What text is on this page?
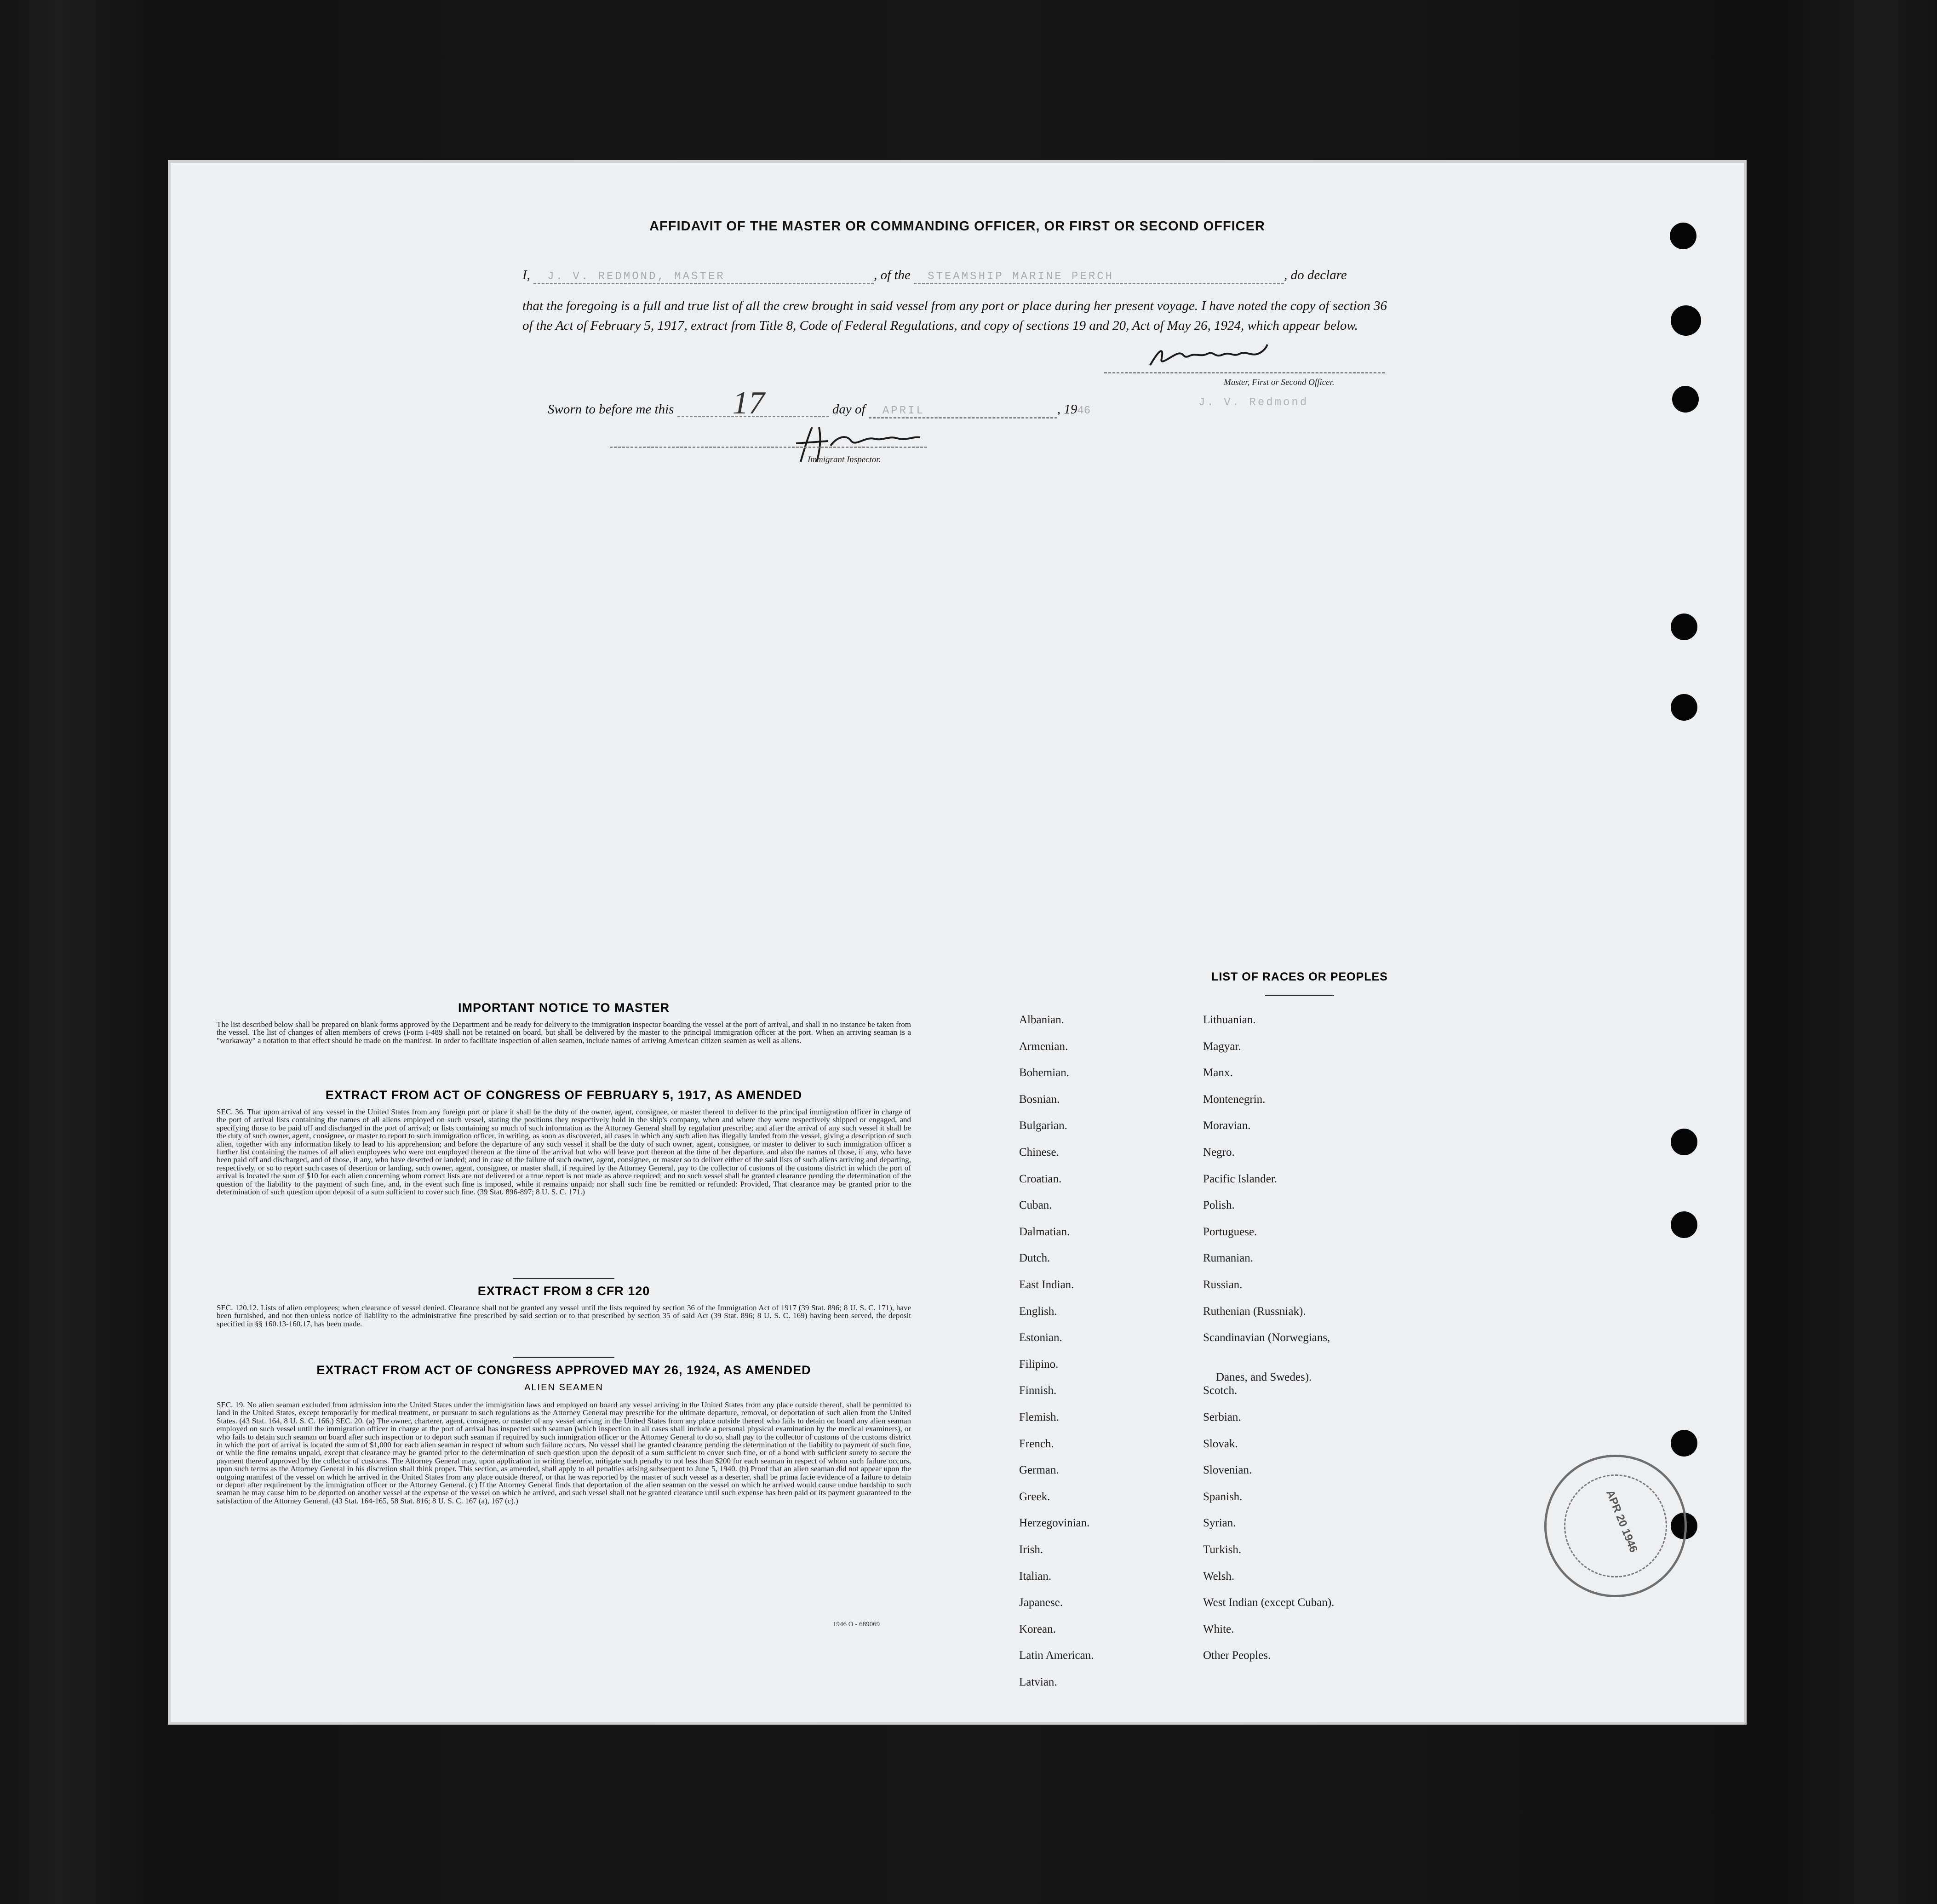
AFFIDAVIT OF THE MASTER OR COMMANDING OFFICER, OR FIRST OR SECOND OFFICER
I, J. V. REDMOND, MASTER	, of the STEAMSHIP MARINE PERCH	, do declare
that the foregoing is a full and true list of all the crew brought in said vessel from any port or place during her present voyage. I have noted the copy of section 36 of the Act of February 5, 1917, extract from Title 8, Code of Federal Regulations, and copy of sections 19 and 20, Act of May 26, 1924, which appear below.
Master, First or Second Officer.
Sworn to before me this 17	day of APRIL	, 1946
J. V. Redmond
Immigrant Inspector.
IMPORTANT NOTICE TO MASTER
The list described below shall be prepared on blank forms approved by the Department and be ready for delivery to the immigration inspector boarding the vessel at the port of arrival, and shall in no instance be taken from the vessel. The list of changes of alien members of crews (Form I-489 shall not be retained on board, but shall be delivered by the master to the principal immigration officer at the port. When an arriving seaman is a "workaway" a notation to that effect should be made on the manifest. In order to facilitate inspection of alien seamen, include names of arriving American citizen seamen as well as aliens.
EXTRACT FROM ACT OF CONGRESS OF FEBRUARY 5, 1917, AS AMENDED
SEC. 36. That upon arrival of any vessel in the United States from any foreign port or place it shall be the duty of the owner, agent, consignee, or master thereof to deliver to the principal immigration officer in charge of the port of arrival lists containing the names of all aliens employed on such vessel, stating the positions they respectively hold in the ship's company, when and where they were respectively shipped or engaged, and specifying those to be paid off and discharged in the port of arrival; or lists containing so much of such information as the Attorney General shall by regulation prescribe; and after the arrival of any such vessel it shall be the duty of such owner, agent, consignee, or master to report to such immigration officer, in writing, as soon as discovered, all cases in which any such alien has illegally landed from the vessel, giving a description of such alien, together with any information likely to lead to his apprehension; and before the departure of any such vessel it shall be the duty of such owner, agent, consignee, or master to deliver to such immigration officer a further list containing the names of all alien employees who were not employed thereon at the time of the arrival but who will leave port thereon at the time of her departure, and also the names of those, if any, who have been paid off and discharged, and of those, if any, who have deserted or landed; and in case of the failure of such owner, agent, consignee, or master so to deliver either of the said lists of such aliens arriving and departing, respectively, or so to report such cases of desertion or landing, such owner, agent, consignee, or master shall, if required by the Attorney General, pay to the collector of customs of the customs district in which the port of arrival is located the sum of $10 for each alien concerning whom correct lists are not delivered or a true report is not made as above required; and no such vessel shall be granted clearance pending the determination of the question of the liability to the payment of such fine, and, in the event such fine is imposed, while it remains unpaid; nor shall such fine be remitted or refunded: Provided, That clearance may be granted prior to the determination of such question upon deposit of a sum sufficient to cover such fine. (39 Stat. 896-897; 8 U. S. C. 171.)
EXTRACT FROM 8 CFR 120
SEC. 120.12. Lists of alien employees; when clearance of vessel denied. Clearance shall not be granted any vessel until the lists required by section 36 of the Immigration Act of 1917 (39 Stat. 896; 8 U. S. C. 171), have been furnished, and not then unless notice of liability to the administrative fine prescribed by said section or to that prescribed by section 35 of said Act (39 Stat. 896; 8 U. S. C. 169) having been served, the deposit specified in §§ 160.13-160.17, has been made.
EXTRACT FROM ACT OF CONGRESS APPROVED MAY 26, 1924, AS AMENDED
ALIEN SEAMEN
SEC. 19. No alien seaman excluded from admission into the United States under the immigration laws and employed on board any vessel arriving in the United States from any place outside thereof, shall be permitted to land in the United States, except temporarily for medical treatment, or pursuant to such regulations as the Attorney General may prescribe for the ultimate departure, removal, or deportation of such alien from the United States. (43 Stat. 164, 8 U. S. C. 166.) SEC. 20. (a) The owner, charterer, agent, consignee, or master of any vessel arriving in the United States from any place outside thereof who fails to detain on board any alien seaman employed on such vessel until the immigration officer in charge at the port of arrival has inspected such seaman (which inspection in all cases shall include a personal physical examination by the medical examiners), or who fails to detain such seaman on board after such inspection or to deport such seaman if required by such immigration officer or the Attorney General to do so, shall pay to the collector of customs of the customs district in which the port of arrival is located the sum of $1,000 for each alien seaman in respect of whom such failure occurs. No vessel shall be granted clearance pending the determination of the liability to payment of such fine, or while the fine remains unpaid, except that clearance may be granted prior to the determination of such question upon the deposit of a sum sufficient to cover such fine, or of a bond with sufficient surety to secure the payment thereof approved by the collector of customs. The Attorney General may, upon application in writing therefor, mitigate such penalty to not less than $200 for each seaman in respect of whom such failure occurs, upon such terms as the Attorney General in his discretion shall think proper. This section, as amended, shall apply to all penalties arising subsequent to June 5, 1940. (b) Proof that an alien seaman did not appear upon the outgoing manifest of the vessel on which he arrived in the United States from any place outside thereof, or that he was reported by the master of such vessel as a deserter, shall be prima facie evidence of a failure to detain or deport after requirement by the immigration officer or the Attorney General. (c) If the Attorney General finds that deportation of the alien seaman on the vessel on which he arrived would cause undue hardship to such seaman he may cause him to be deported on another vessel at the expense of the vessel on which he arrived, and such vessel shall not be granted clearance until such expense has been paid or its payment guaranteed to the satisfaction of the Attorney General. (43 Stat. 164-165, 58 Stat. 816; 8 U. S. C. 167 (a), 167 (c).)
1946 O - 689069
LIST OF RACES OR PEOPLES
Albanian.
Armenian.
Bohemian.
Bosnian.
Bulgarian.
Chinese.
Croatian.
Cuban.
Dalmatian.
Dutch.
East Indian.
English.
Estonian.
Filipino.
Finnish.
Flemish.
French.
German.
Greek.
Herzegovinian.
Irish.
Italian.
Japanese.
Korean.
Latin American.
Latvian.
Lithuanian.
Magyar.
Manx.
Montenegrin.
Moravian.
Negro.
Pacific Islander.
Polish.
Portuguese.
Rumanian.
Russian.
Ruthenian (Russniak).
Scandinavian (Norwegians,
Danes, and Swedes).
Scotch.
Serbian.
Slovak.
Slovenian.
Spanish.
Syrian.
Turkish.
Welsh.
West Indian (except Cuban).
White.
Other Peoples.
APR 20 1946
